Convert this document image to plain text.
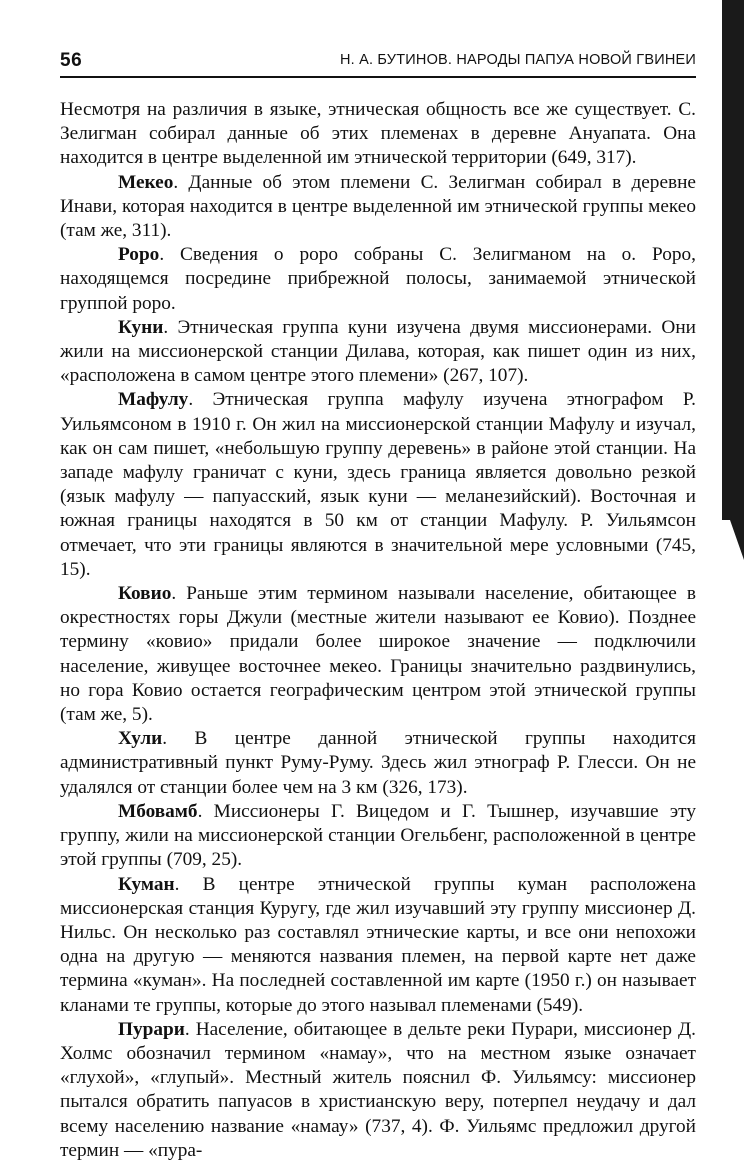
56	Н. А. БУТИНОВ. НАРОДЫ ПАПУА НОВОЙ ГВИНЕИ

Несмотря на различия в языке, этническая общность все же существует. С. Зелигман собирал данные об этих племенах в деревне Ануапата. Она находится в центре выделенной им этнической территории (649, 317).

Мекео. Данные об этом племени С. Зелигман собирал в деревне Инави, которая находится в центре выделенной им этнической группы мекео (там же, 311).

Роро. Сведения о роро собраны С. Зелигманом на о. Роро, находящемся посредине прибрежной полосы, занимаемой этнической группой роро.

Куни. Этническая группа куни изучена двумя миссионерами. Они жили на миссионерской станции Дилава, которая, как пишет один из них, «расположена в самом центре этого племени» (267, 107).

Мафулу. Этническая группа мафулу изучена этнографом Р. Уильямсоном в 1910 г. Он жил на миссионерской станции Мафулу и изучал, как он сам пишет, «небольшую группу деревень» в районе этой станции. На западе мафулу граничат с куни, здесь граница является довольно резкой (язык мафулу — папуасский, язык куни — меланезийский). Восточная и южная границы находятся в 50 км от станции Мафулу. Р. Уильямсон отмечает, что эти границы являются в значительной мере условными (745, 15).

Ковио. Раньше этим термином называли население, обитающее в окрестностях горы Джули (местные жители называют ее Ковио). Позднее термину «ковио» придали более широкое значение — подключили население, живущее восточнее мекео. Границы значительно раздвинулись, но гора Ковио остается географическим центром этой этнической группы (там же, 5).

Хули. В центре данной этнической группы находится административный пункт Руму-Руму. Здесь жил этнограф Р. Глесси. Он не удалялся от станции более чем на 3 км (326, 173).

Мбовамб. Миссионеры Г. Вицедом и Г. Тышнер, изучавшие эту группу, жили на миссионерской станции Огельбенг, расположенной в центре этой группы (709, 25).

Куман. В центре этнической группы куман расположена миссионерская станция Куругу, где жил изучавший эту группу миссионер Д. Нильс. Он несколько раз составлял этнические карты, и все они непохожи одна на другую — меняются названия племен, на первой карте нет даже термина «куман». На последней составленной им карте (1950 г.) он называет кланами те группы, которые до этого называл племенами (549).

Пурари. Население, обитающее в дельте реки Пурари, миссионер Д. Холмс обозначил термином «намау», что на местном языке означает «глухой», «глупый». Местный житель пояснил Ф. Уильямсу: миссионер пытался обратить папуасов в христианскую веру, потерпел неудачу и дал всему населению название «намау» (737, 4). Ф. Уильямс предложил другой термин — «пура-
